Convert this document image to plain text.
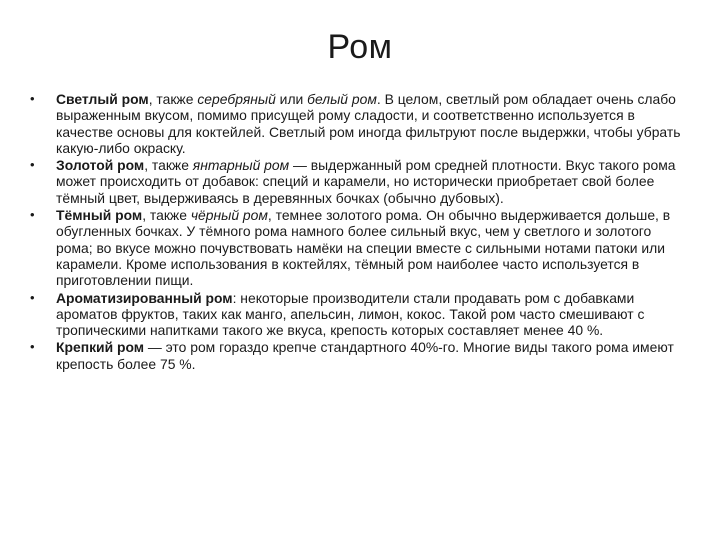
Ром
• Светлый ром, также серебряный или белый ром. В целом, светлый ром обладает очень слабо выраженным вкусом, помимо присущей рому сладости, и соответственно используется в качестве основы для коктейлей. Светлый ром иногда фильтруют после выдержки, чтобы убрать какую-либо окраску.
• Золотой ром, также янтарный ром — выдержанный ром средней плотности. Вкус такого рома может происходить от добавок: специй и карамели, но исторически приобретает свой более тёмный цвет, выдерживаясь в деревянных бочках (обычно дубовых).
• Тёмный ром, также чёрный ром, темнее золотого рома. Он обычно выдерживается дольше, в обугленных бочках. У тёмного рома намного более сильный вкус, чем у светлого и золотого рома; во вкусе можно почувствовать намёки на специи вместе с сильными нотами патоки или карамели. Кроме использования в коктейлях, тёмный ром наиболее часто используется в приготовлении пищи.
• Ароматизированный ром: некоторые производители стали продавать ром с добавками ароматов фруктов, таких как манго, апельсин, лимон, кокос. Такой ром часто смешивают с тропическими напитками такого же вкуса, крепость которых составляет менее 40 %.
• Крепкий ром — это ром гораздо крепче стандартного 40%-го. Многие виды такого рома имеют крепость более 75 %.
